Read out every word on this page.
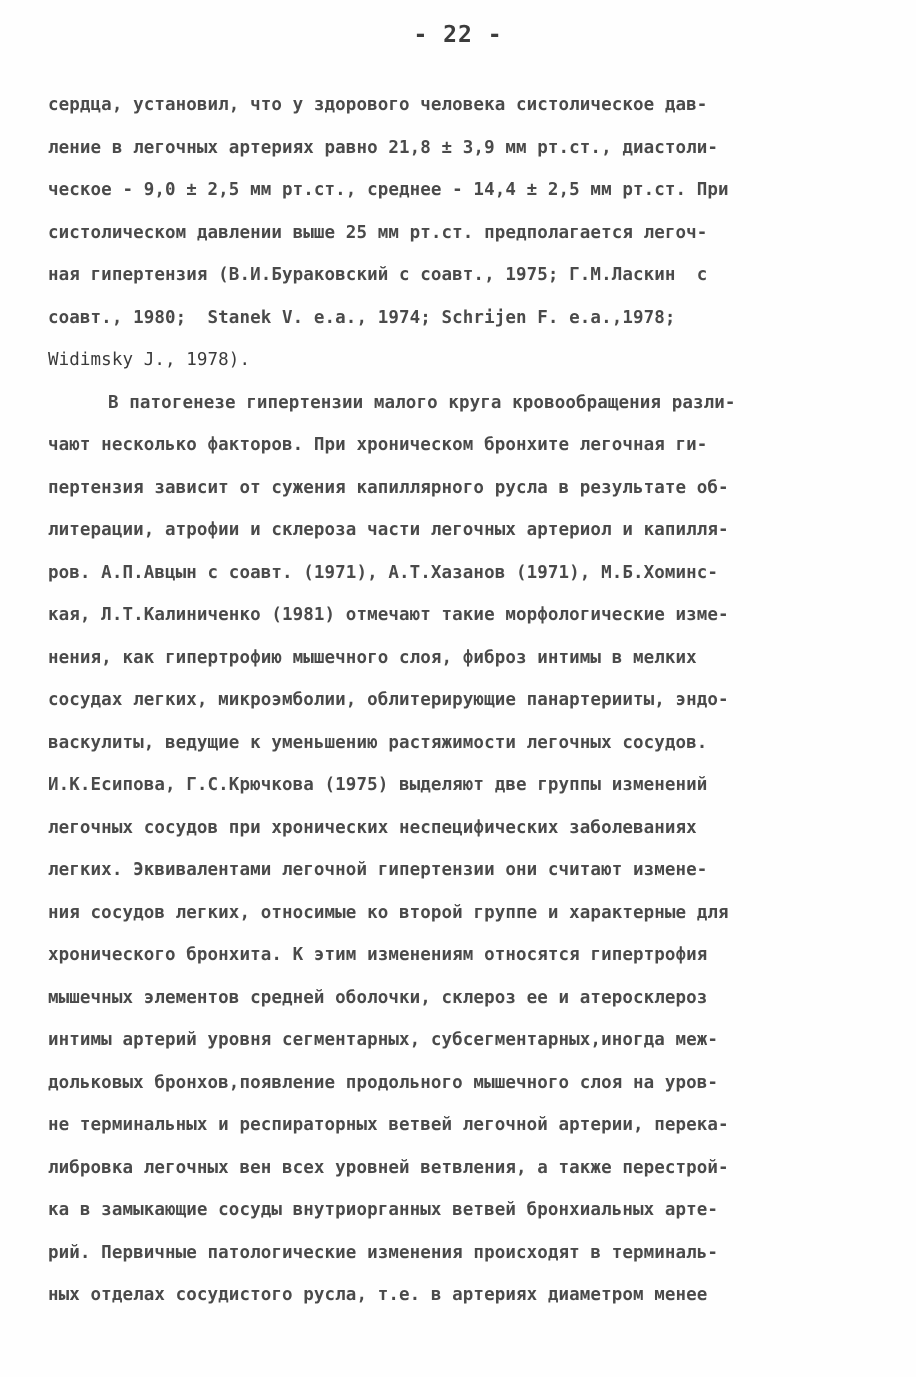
- 22 -
сердца, установил, что у здорового человека систолическое дав-
ление в легочных артериях равно 21,8 ± 3,9 мм рт.ст., диастоли-
ческое - 9,0 ± 2,5 мм рт.ст., среднее - 14,4 ± 2,5 мм рт.ст. При
систолическом давлении выше 25 мм рт.ст. предполагается легоч-
ная гипертензия (В.И.Бураковский с соавт., 1975; Г.М.Ласкин  с
соавт., 1980;  Stanek V. e.a., 1974; Schrijen F. e.a.,1978;
Widimsky J., 1978).
В патогенезе гипертензии малого круга кровообращения разли-
чают несколько факторов. При хроническом бронхите легочная ги-
пертензия зависит от сужения капиллярного русла в результате об-
литерации, атрофии и склероза части легочных артериол и капилля-
ров. А.П.Авцын с соавт. (1971), А.Т.Хазанов (1971), М.Б.Хоминс-
кая, Л.Т.Калиниченко (1981) отмечают такие морфологические изме-
нения, как гипертрофию мышечного слоя, фиброз интимы в мелких
сосудах легких, микроэмболии, облитерирующие панартерииты, эндо-
васкулиты, ведущие к уменьшению растяжимости легочных сосудов.
И.К.Есипова, Г.С.Крючкова (1975) выделяют две группы изменений
легочных сосудов при хронических неспецифических заболеваниях
легких. Эквивалентами легочной гипертензии они считают измене-
ния сосудов легких, относимые ко второй группе и характерные для
хронического бронхита. К этим изменениям относятся гипертрофия
мышечных элементов средней оболочки, склероз ее и атеросклероз
интимы артерий уровня сегментарных, субсегментарных,иногда меж-
дольковых бронхов,появление продольного мышечного слоя на уров-
не терминальных и респираторных ветвей легочной артерии, перека-
либровка легочных вен всех уровней ветвления, а также перестрой-
ка в замыкающие сосуды внутриорганных ветвей бронхиальных арте-
рий. Первичные патологические изменения происходят в терминаль-
ных отделах сосудистого русла, т.е. в артериях диаметром менее
